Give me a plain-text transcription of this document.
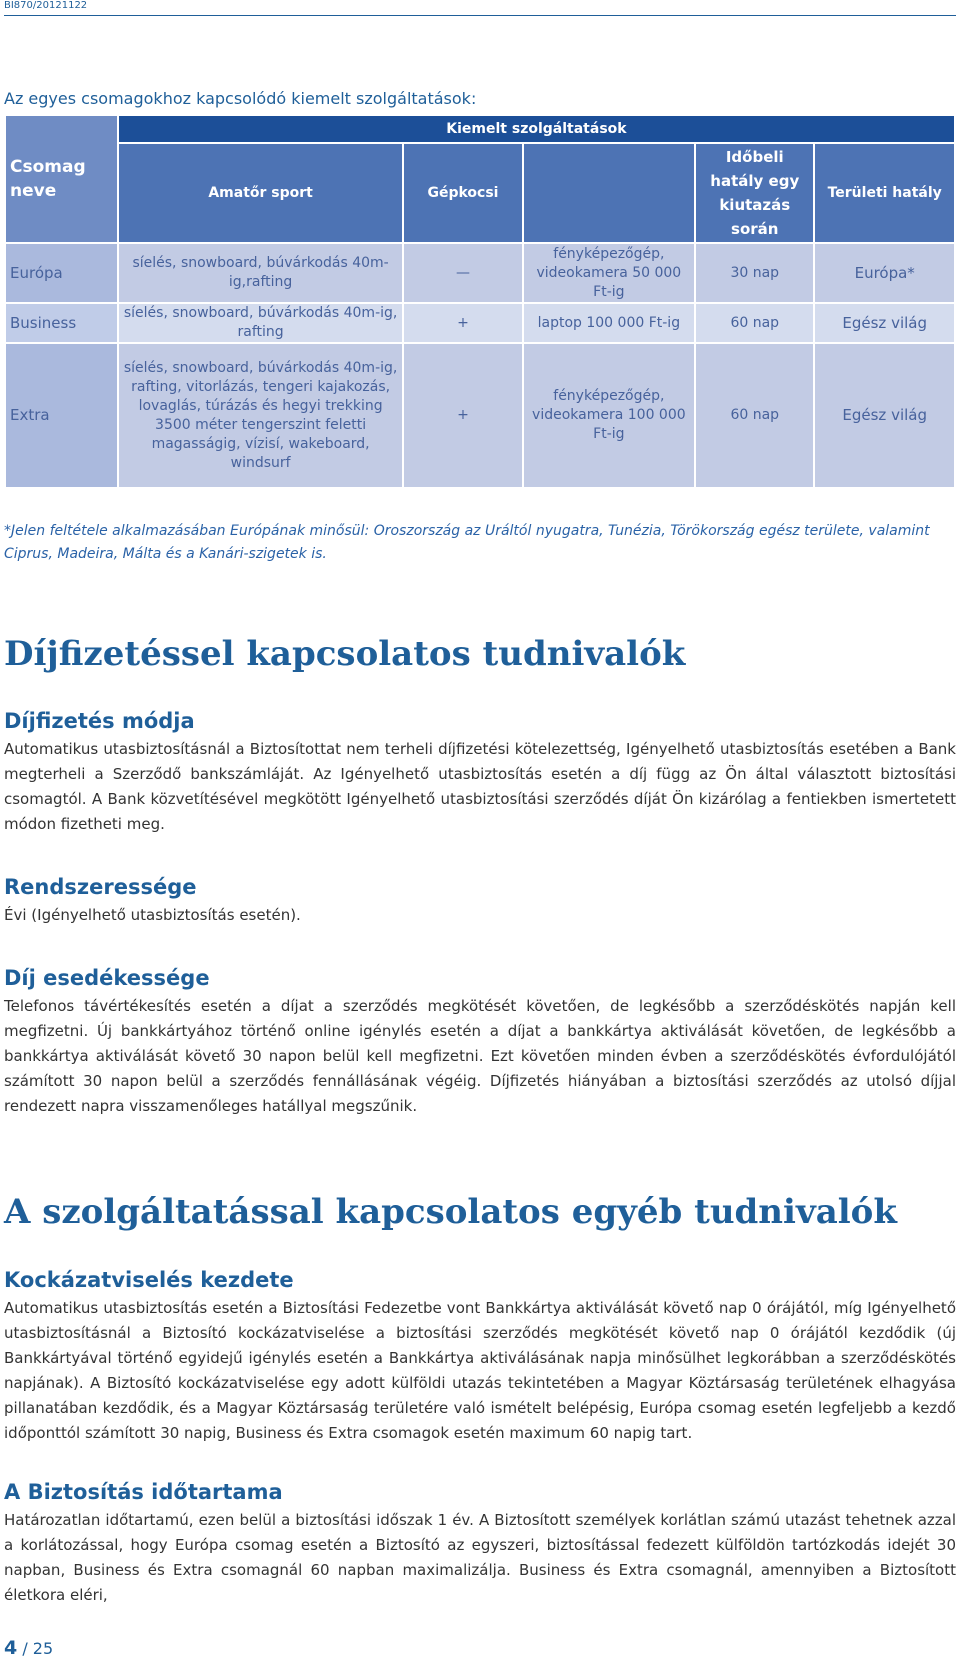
BI870/20121122
Az egyes csomagokhoz kapcsolódó kiemelt szolgáltatások:
Csomag neve	Kiemelt szolgáltatások				
	Amatőr sport	Gépkocsi		Időbeli hatály egy kiutazás során	Területi hatály
Európa	síelés, snowboard, búvárkodás 40m-ig,rafting	—	fényképezőgép, videokamera 50 000 Ft-ig	30 nap	Európa*
Business	síelés, snowboard, búvárkodás 40m-ig, rafting	+	laptop 100 000 Ft-ig	60 nap	Egész világ
Extra	síelés, snowboard, búvárkodás 40m-ig, rafting, vitorlázás, tengeri kajakozás, lovaglás, túrázás és hegyi trekking 3500 méter tengerszint feletti magasságig, vízisí, wakeboard, windsurf	+	fényképezőgép, videokamera 100 000 Ft-ig	60 nap	Egész világ
*Jelen feltétele alkalmazásában Európának minősül: Oroszország az Uráltól nyugatra, Tunézia, Törökország egész területe, valamint Ciprus, Madeira, Málta és a Kanári-szigetek is.
Díjfizetéssel kapcsolatos tudnivalók
Díjfizetés módja
Automatikus utasbiztosításnál a Biztosítottat nem terheli díjfizetési kötelezettség, Igényelhető utasbiztosítás esetében a Bank megterheli a Szerződő bankszámláját. Az Igényelhető utasbiztosítás esetén a díj függ az Ön által választott biztosítási csomagtól. A Bank közvetítésével megkötött Igényelhető utasbiztosítási szerződés díját Ön kizárólag a fentiekben ismertetett módon fizetheti meg.
Rendszeressége
Évi (Igényelhető utasbiztosítás esetén).
Díj esedékessége
Telefonos távértékesítés esetén a díjat a szerződés megkötését követően, de legkésőbb a szerződéskötés napján kell megfizetni. Új bankkártyához történő online igénylés esetén a díjat a bankkártya aktiválását követően, de legkésőbb a bankkártya aktiválását követő 30 napon belül kell megfizetni. Ezt követően minden évben a szerződéskötés évfordulójától számított 30 napon belül a szerződés fennállásának végéig. Díjfizetés hiányában a biztosítási szerződés az utolsó díjjal rendezett napra visszamenőleges hatállyal megszűnik.
A szolgáltatással kapcsolatos egyéb tudnivalók
Kockázatviselés kezdete
Automatikus utasbiztosítás esetén a Biztosítási Fedezetbe vont Bankkártya aktiválását követő nap 0 órájától, míg Igényelhető utasbiztosításnál a Biztosító kockázatviselése a biztosítási szerződés megkötését követő nap 0 órájától kezdődik (új Bankkártyával történő egyidejű igénylés esetén a Bankkártya aktiválásának napja minősülhet legkorábban a szerződéskötés napjának). A Biztosító kockázatviselése egy adott külföldi utazás tekintetében a Magyar Köztársaság területének elhagyása pillanatában kezdődik, és a Magyar Köztársaság területére való ismételt belépésig, Európa csomag esetén legfeljebb a kezdő időponttól számított 30 napig, Business és Extra csomagok esetén maximum 60 napig tart.
A Biztosítás időtartama
Határozatlan időtartamú, ezen belül a biztosítási időszak 1 év. A Biztosított személyek korlátlan számú utazást tehetnek azzal a korlátozással, hogy Európa csomag esetén a Biztosító az egyszeri, biztosítással fedezett külföldön tartózkodás idejét 30 napban, Business és Extra csomagnál 60 napban maximalizálja. Business és Extra csomagnál, amennyiben a Biztosított életkora eléri,
4 / 25
